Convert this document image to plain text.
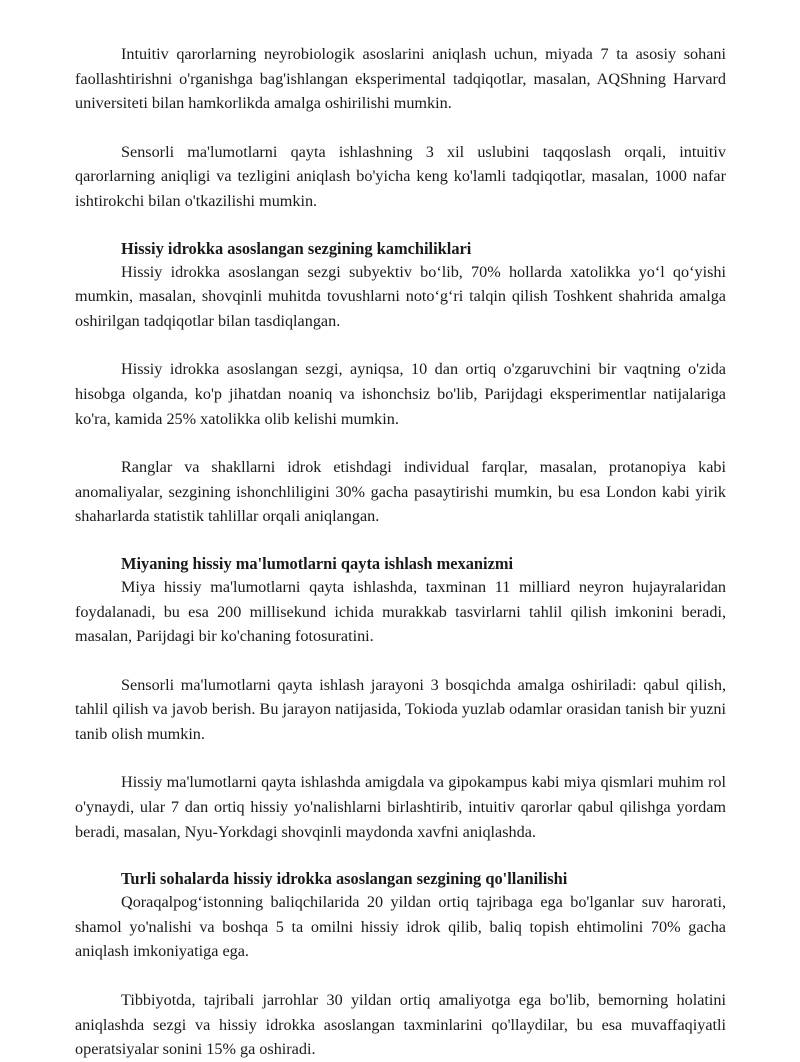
Intuitiv qarorlarning neyrobiologik asoslarini aniqlash uchun, miyada 7 ta asosiy sohani faollashtirishni o'rganishga bag'ishlangan eksperimental tadqiqotlar, masalan, AQShning Harvard universiteti bilan hamkorlikda amalga oshirilishi mumkin.

Sensorli ma'lumotlarni qayta ishlashning 3 xil uslubini taqqoslash orqali, intuitiv qarorlarning aniqligi va tezligini aniqlash bo'yicha keng ko'lamli tadqiqotlar, masalan, 1000 nafar ishtirokchi bilan o'tkazilishi mumkin.

Hissiy idrokka asoslangan sezgining kamchiliklari

Hissiy idrokka asoslangan sezgi subyektiv bo‘lib, 70% hollarda xatolikka yo‘l qo‘yishi mumkin, masalan, shovqinli muhitda tovushlarni noto‘g‘ri talqin qilish Toshkent shahrida amalga oshirilgan tadqiqotlar bilan tasdiqlangan.

Hissiy idrokka asoslangan sezgi, ayniqsa, 10 dan ortiq o'zgaruvchini bir vaqtning o'zida hisobga olganda, ko'p jihatdan noaniq va ishonchsiz bo'lib, Parijdagi eksperimentlar natijalariga ko'ra, kamida 25% xatolikka olib kelishi mumkin.

Ranglar va shakllarni idrok etishdagi individual farqlar, masalan, protanopiya kabi anomaliyalar, sezgining ishonchliligini 30% gacha pasaytirishi mumkin, bu esa London kabi yirik shaharlarda statistik tahlillar orqali aniqlangan.

Miyaning hissiy ma'lumotlarni qayta ishlash mexanizmi

Miya hissiy ma'lumotlarni qayta ishlashda, taxminan 11 milliard neyron hujayralaridan foydalanadi, bu esa 200 millisekund ichida murakkab tasvirlarni tahlil qilish imkonini beradi, masalan, Parijdagi bir ko'chaning fotosuratini.

Sensorli ma'lumotlarni qayta ishlash jarayoni 3 bosqichda amalga oshiriladi: qabul qilish, tahlil qilish va javob berish. Bu jarayon natijasida, Tokioda yuzlab odamlar orasidan tanish bir yuzni tanib olish mumkin.

Hissiy ma'lumotlarni qayta ishlashda amigdala va gipokampus kabi miya qismlari muhim rol o'ynaydi, ular 7 dan ortiq hissiy yo'nalishlarni birlashtirib, intuitiv qarorlar qabul qilishga yordam beradi, masalan, Nyu-Yorkdagi shovqinli maydonda xavfni aniqlashda.

Turli sohalarda hissiy idrokka asoslangan sezgining qo'llanilishi

Qoraqalpog‘istonning baliqchilarida 20 yildan ortiq tajribaga ega bo'lganlar suv harorati, shamol yo'nalishi va boshqa 5 ta omilni hissiy idrok qilib, baliq topish ehtimolini 70% gacha aniqlash imkoniyatiga ega.

Tibbiyotda, tajribali jarrohlar 30 yildan ortiq amaliyotga ega bo'lib, bemorning holatini aniqlashda sezgi va hissiy idrokka asoslangan taxminlarini qo'llaydilar, bu esa muvaffaqiyatli operatsiyalar sonini 15% ga oshiradi.
